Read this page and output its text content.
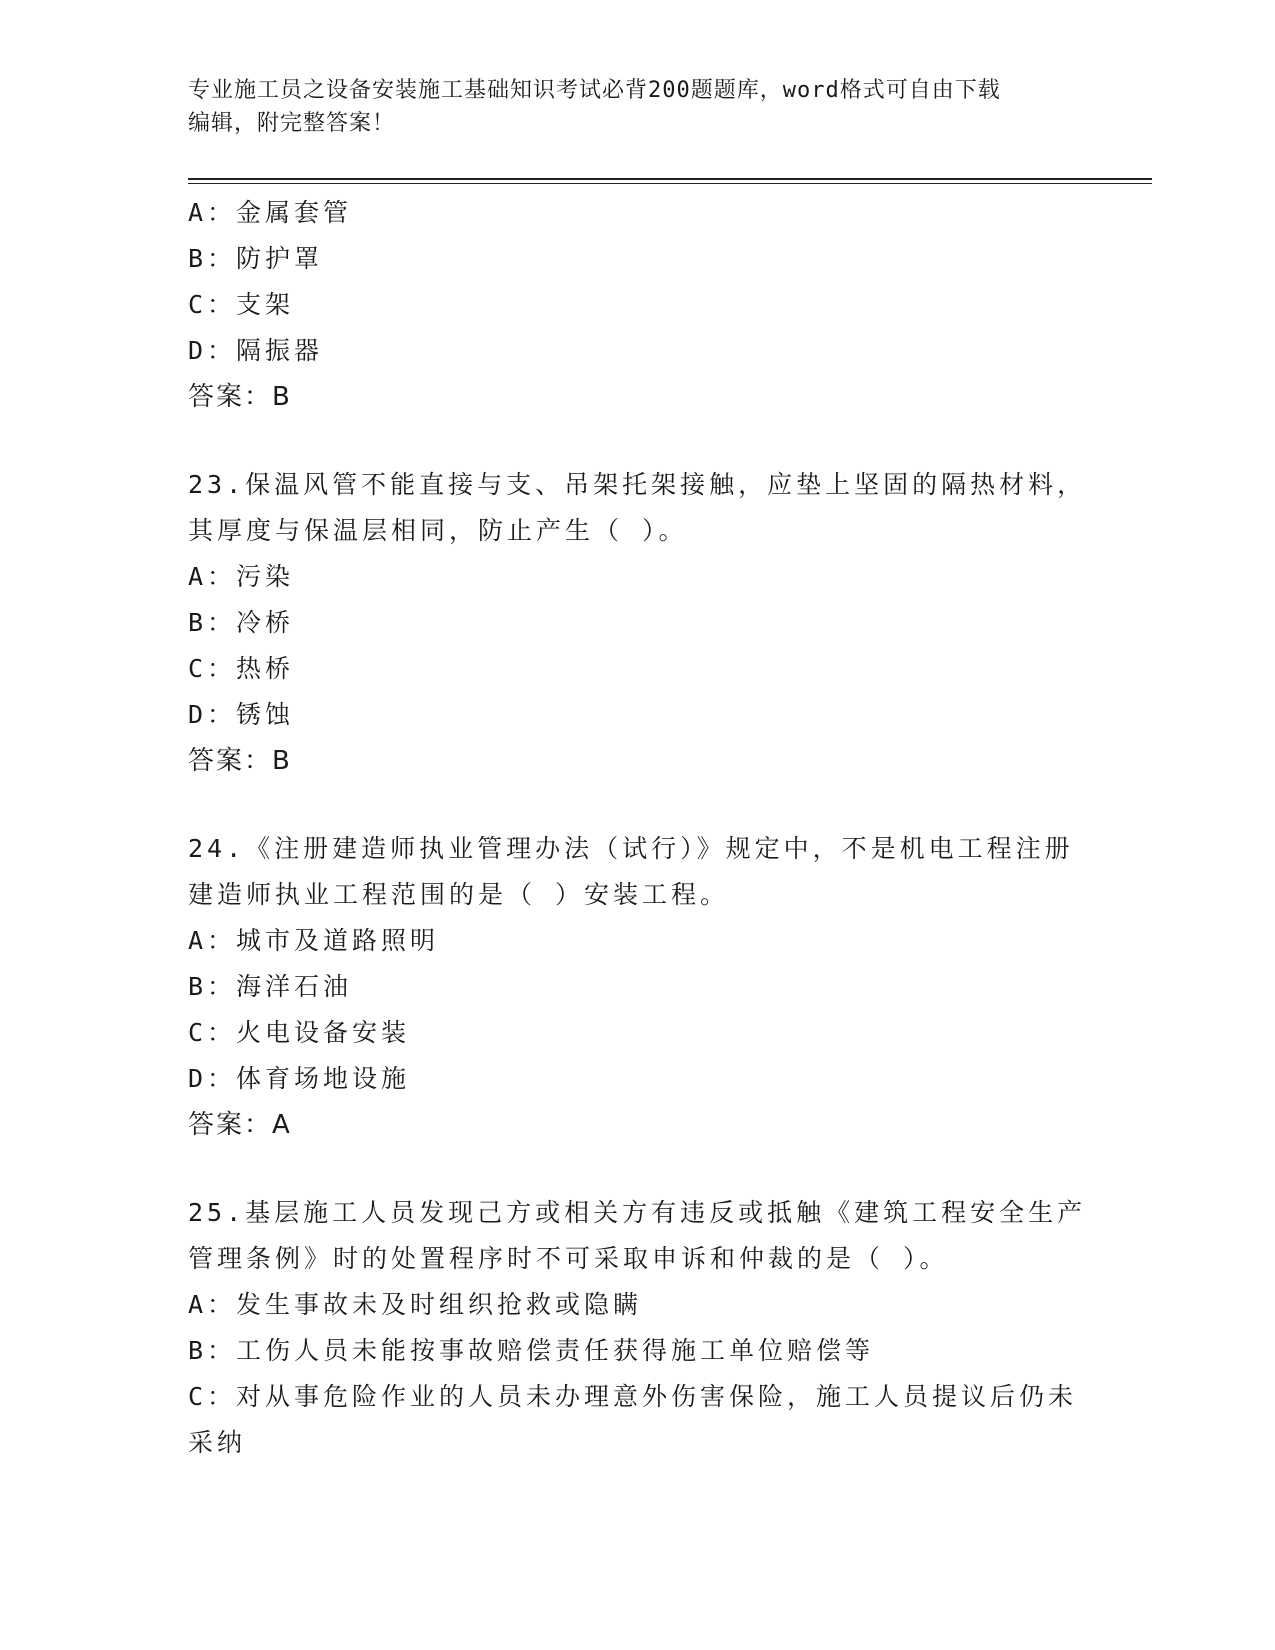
专业施工员之设备安装施工基础知识考试必背200题题库，word格式可自由下载
编辑，附完整答案！
A：金属套管
B：防护罩
C：支架
D：隔振器
答案：B
23.保温风管不能直接与支、吊架托架接触，应垫上坚固的隔热材料，
其厚度与保温层相同，防止产生（ ）。
A：污染
B：冷桥
C：热桥
D：锈蚀
答案：B
24.《注册建造师执业管理办法（试行）》规定中，不是机电工程注册
建造师执业工程范围的是（ ）安装工程。
A：城市及道路照明
B：海洋石油
C：火电设备安装
D：体育场地设施
答案：A
25.基层施工人员发现己方或相关方有违反或抵触《建筑工程安全生产
管理条例》时的处置程序时不可采取申诉和仲裁的是（ ）。
A：发生事故未及时组织抢救或隐瞒
B：工伤人员未能按事故赔偿责任获得施工单位赔偿等
C：对从事危险作业的人员未办理意外伤害保险，施工人员提议后仍未
采纳
